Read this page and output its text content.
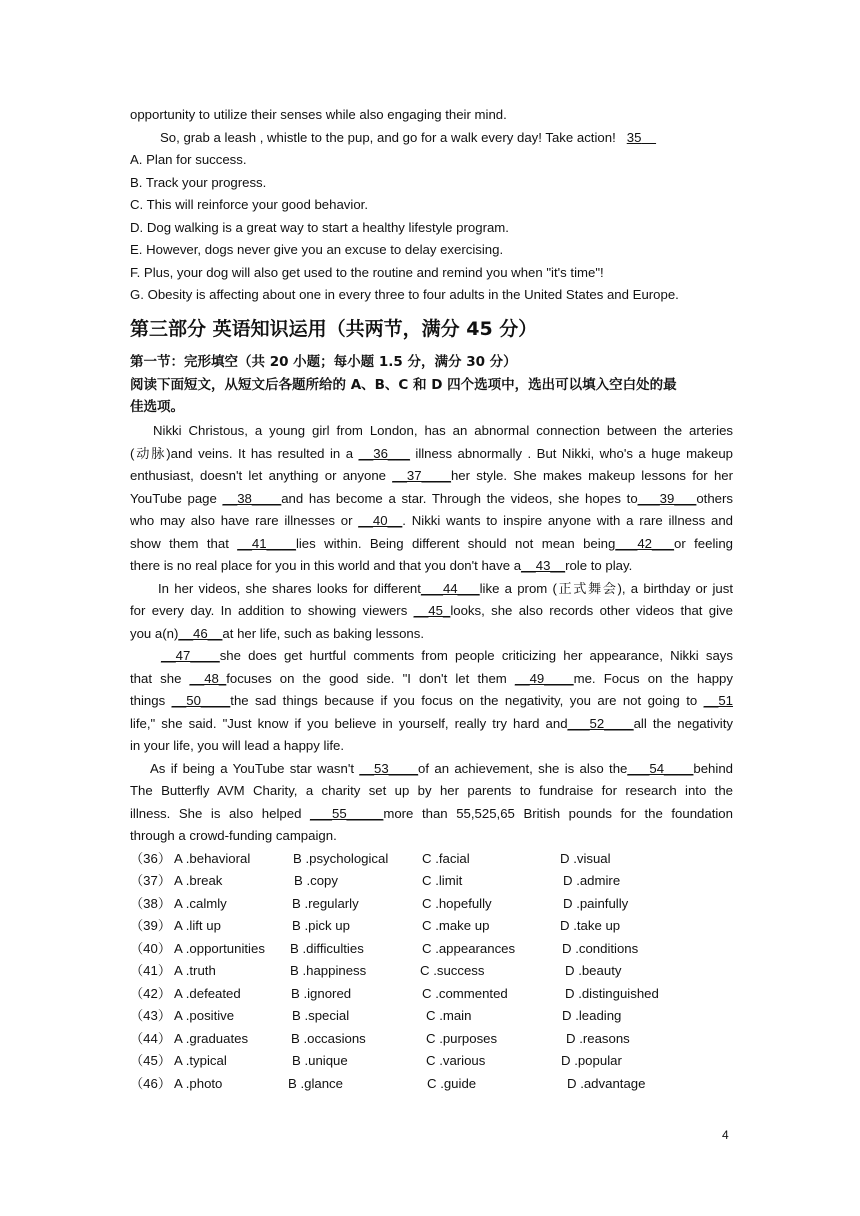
opportunity to utilize their senses while also engaging their mind.
So, grab a leash , whistle to the pup, and go for a walk every day! Take action! 35
A. Plan for success.
B. Track your progress.
C. This will reinforce your good behavior.
D. Dog walking is a great way to start a healthy lifestyle program.
E. However, dogs never give you an excuse to delay exercising.
F. Plus, your dog will also get used to the routine and remind you when "it's time"!
G. Obesity is affecting about one in every three to four adults in the United States and Europe.
第三部分 英语知识运用（共两节，满分 45 分）
第一节：完形填空（共 20 小题；每小题 1.5 分，满分 30 分）
阅读下面短文，从短文后各题所给的 A、B、C 和 D 四个选项中，选出可以填入空白处的最
佳选项。
Nikki Christous, a young girl from London, has an abnormal connection between the arteries
(动脉)and veins. It has resulted in a __36___ illness abnormally . But Nikki, who's a huge makeup
enthusiast, doesn't let anything or anyone __37____her style. She makes makeup lessons for her
YouTube page __38____and has become a star. Through the videos, she hopes to___39___others
who may also have rare illnesses or __40__. Nikki wants to inspire anyone with a rare illness and
show them that __41____lies within. Being different should not mean being___42___or feeling
there is no real place for you in this world and that you don't have a__43__role to play.
In her videos, she shares looks for different___44___like a prom (正式舞会), a birthday or just
for every day. In addition to showing viewers __45_looks, she also records other videos that give
you a(n)__46__at her life, such as baking lessons.
__47____she does get hurtful comments from people criticizing her appearance, Nikki says
that she __48_focuses on the good side. "I don't let them __49____me. Focus on the happy
things __50____the sad things because if you focus on the negativity, you are not going to __51
life," she said. "Just know if you believe in yourself, really try hard and___52____all the negativity
in your life, you will lead a happy life.
As if being a YouTube star wasn't __53____of an achievement, she is also the___54____behind
The Butterfly AVM Charity, a charity set up by her parents to fundraise for research into the
illness. She is also helped ___55_____more than 55,525,65 British pounds for the foundation
through a crowd-funding campaign.
（36） A .behavioral	B .psychological	C .facial	D .visual
（37） A .break	B .copy	C .limit	D .admire
（38） A .calmly	B .regularly	C .hopefully	D .painfully
（39） A .lift up	B .pick up	C .make up	D .take up
（40） A .opportunities B .difficulties	C .appearances	D .conditions
（41） A .truth	B .happiness	C .success	D .beauty
（42） A .defeated	B .ignored	C .commented	D .distinguished
（43） A .positive	B .special	C .main	D .leading
（44） A .graduates	B .occasions	C .purposes	D .reasons
（45） A .typical	B .unique	C .various	D .popular
（46） A .photo	B .glance	C .guide	D .advantage
4
